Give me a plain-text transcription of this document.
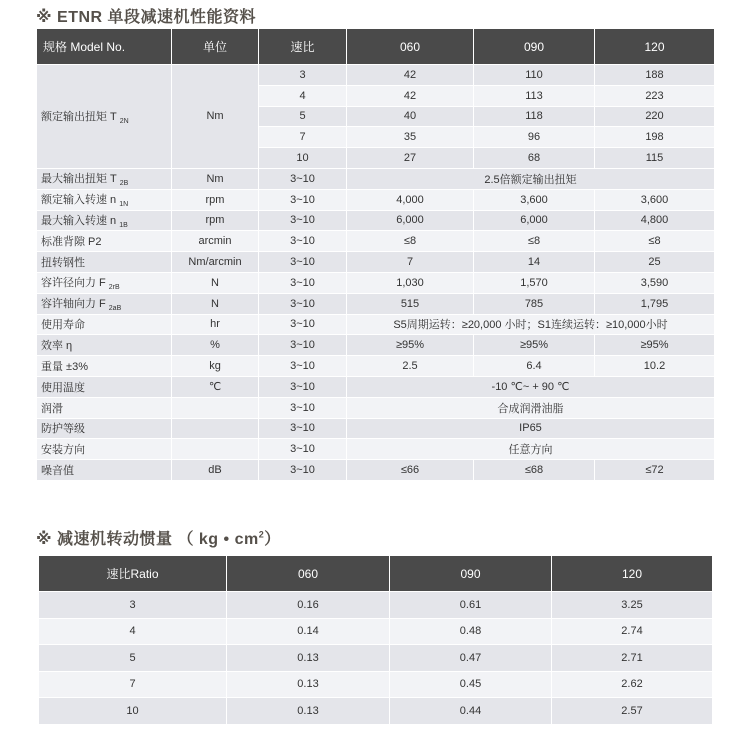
※ ETNR 单段减速机性能资料
规格 Model No.	单位	速比	060	090	120
额定输出扭矩 T $_{2N}$	Nm	3	42	110	188
		4	42	113	223
		5	40	118	220
		7	35	96	198
		10	27	68	115
最大输出扭矩 T $_{2B}$	Nm	3~10	2.5倍额定输出扭矩		
额定输入转速 n $_{1N}$	rpm	3~10	4,000	3,600	3,600
最大输入转速 n $_{1B}$	rpm	3~10	6,000	6,000	4,800
标准背隙 P2	arcmin	3~10	≤8	≤8	≤8
扭转钢性	Nm/arcmin	3~10	7	14	25
容许径向力 F $_{2rB}$	N	3~10	1,030	1,570	3,590
容许轴向力 F $_{2aB}$	N	3~10	515	785	1,795
使用寿命	hr	3~10	S5周期运转：≥20,000 小时；S1连续运转：≥10,000小时		
效率 η	%	3~10	≥95%	≥95%	≥95%
重量 ±3%	kg	3~10	2.5	6.4	10.2
使用温度	℃	3~10	-10 ℃~ + 90 ℃		
润滑		3~10	合成润滑油脂		
防护等级		3~10	IP65		
安装方向		3~10	任意方向		
噪音值	dB	3~10	≤66	≤68	≤72
※ 减速机转动惯量 （ kg • $cm^2$）
速比Ratio	060	090	120
3	0.16	0.61	3.25
4	0.14	0.48	2.74
5	0.13	0.47	2.71
7	0.13	0.45	2.62
10	0.13	0.44	2.57
